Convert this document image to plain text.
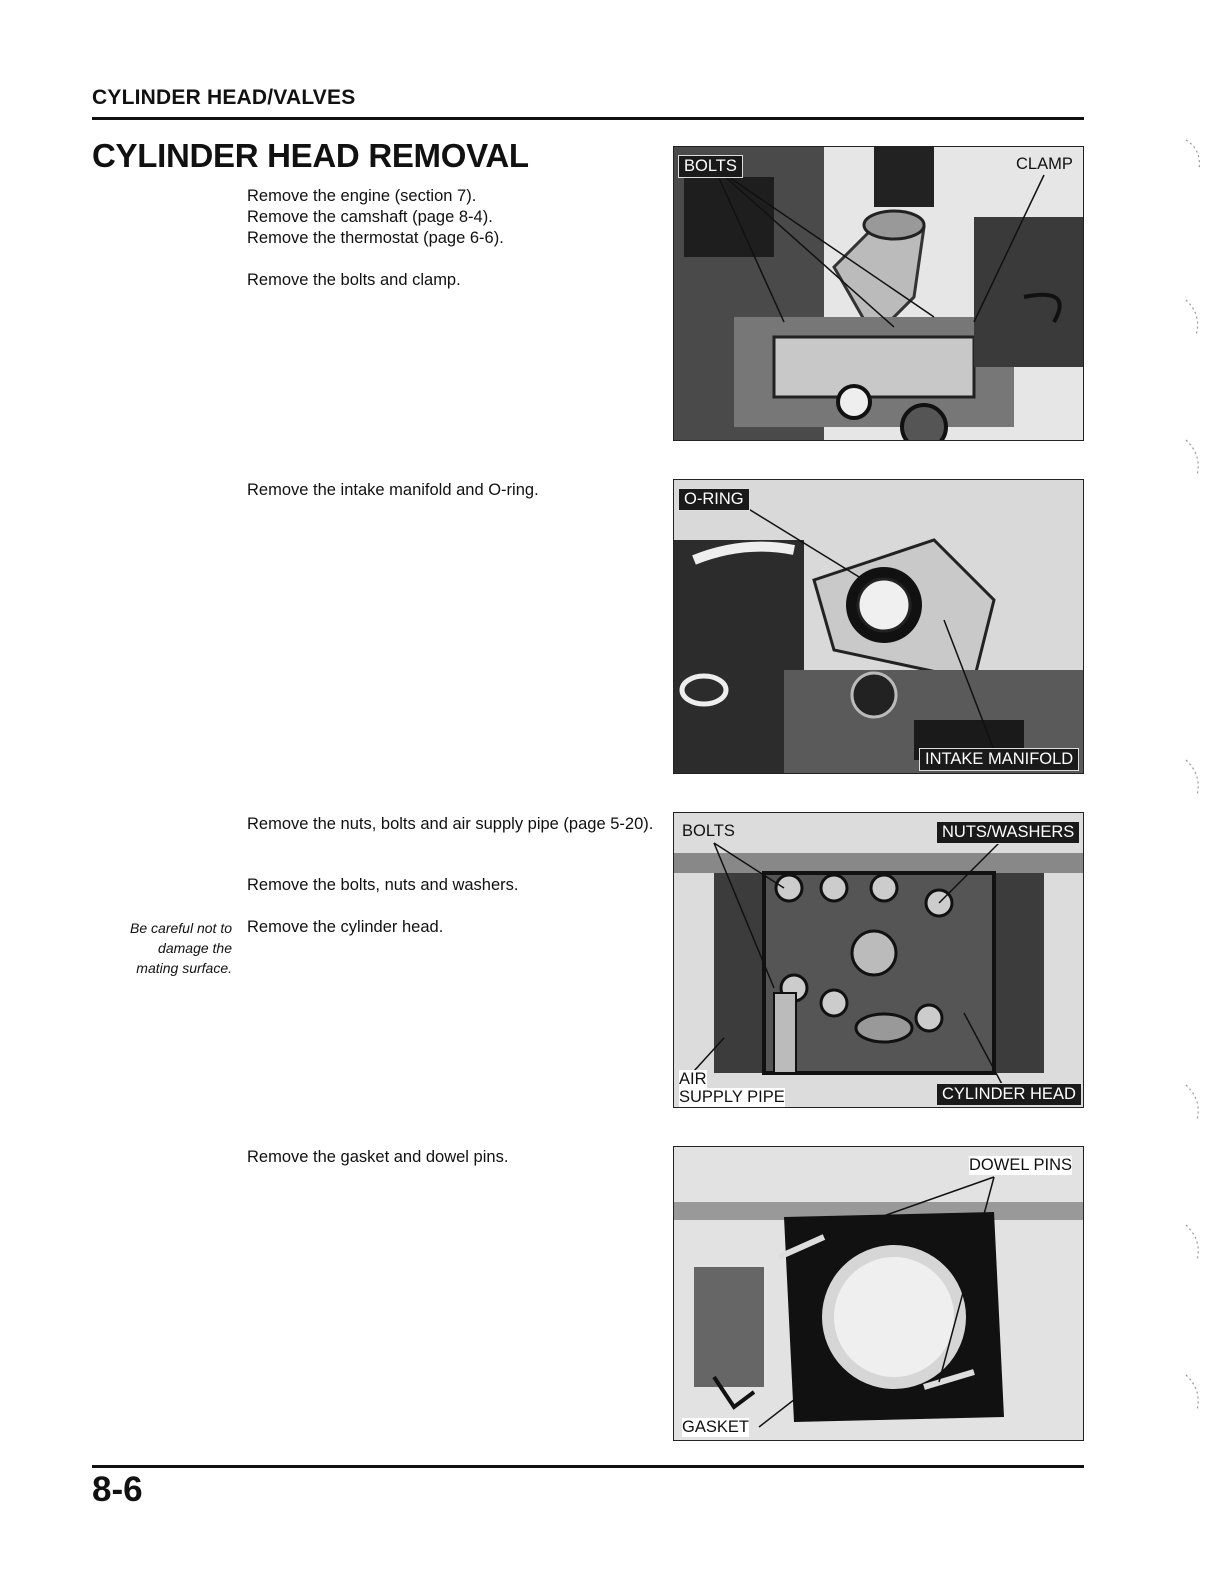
CYLINDER HEAD/VALVES
CYLINDER HEAD REMOVAL
Remove the engine (section 7).
Remove the camshaft (page 8-4).
Remove the thermostat (page 6-6).
Remove the bolts and clamp.
Remove the intake manifold and O-ring.
Remove the nuts, bolts and air supply pipe (page 5-20).
Remove the bolts, nuts and washers.
Remove the cylinder head.
Be careful not to
damage the
mating surface.
Remove the gasket and dowel pins.
BOLTS	CLAMP
O-RING
INTAKE MANIFOLD
BOLTS	NUTS/WASHERS
AIR
SUPPLY PIPE	CYLINDER HEAD
DOWEL PINS
GASKET
8-6
